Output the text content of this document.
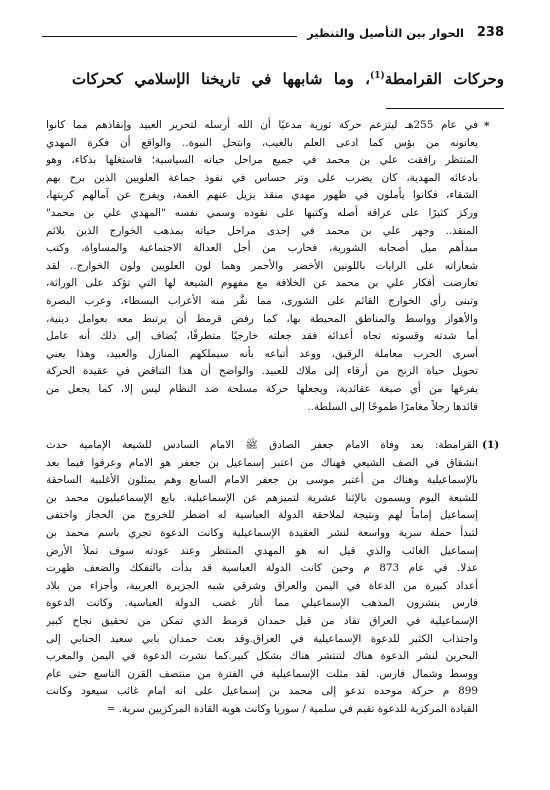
238
الحوار بين التأصيل والتنظير
وحركات القرامطة$^{(1)}$، وما شابهها في تاريخنا الإسلامي كحركات
*
في عام 255هـ ليتزعم حركة ثورية مدعيًا أن الله أرسله لتحرير العبيد وإنقاذهم مما كانوا
يعانونه من بؤس كما ادعى العلم بالغيب، وانتحل النبوة.. والواقع أن فكرة المهدي
المنتظر رافقت علي بن محمد في جميع مراحل حياته السياسية؛ فاستغلها بذكاء، وهو
بادعائه المهدية، كان يضرب على وتر حساس في نفوذ جماعة العلويين الذين برح بهم
الشقاء، فكانوا يأملون في ظهور مهدي منقذ يزيل عنهم الغمة، ويفرج عن آمالهم كربتها،
وركز كثيرًا على عراقة أصله وكتبها على نقوده وسمي نفسه "المهدي علي بن محمد"
المنقذ.. وجهر علي بن محمد في إحدى مراحل حياته بمذهب الخوارج الذين يلائم
مبدأهم ميل أصحابه الشورية، فحارب من أجل العدالة الاجتماعية والمساواة، وكتب
شعاراته على الرايات باللونين الأخضر والأحمر وهما لون العلويين ولون الخوارج.. لقد
تعارضت أفكار علي بن محمد عن الخلافة مع مفهوم الشيعة لها التي تؤكد على الوراثة،
وتبنى رأي الخوارج القائم على الشورى، مما نفَّر منه الأعراب البسطاء، وعرب البصرة
والأهواز وواسط والمناطق المحيطة بها، كما رفض قرمط أن يرتبط معه بعوامل دينية،
أما شدته وقسوته تجاه أعدائه فقد جعلته خارجيًا متطرفًا، يُضاف إلى ذلك أنه عامل
أسرى الحرب معاملة الرقيق، ووعد أتباعه بأنه سيملكهم المنازل والعبيد، وهذا يعني
تحويل حياة الزنج من أرقاء إلى ملاك للعبيد. والواضح أن هذا التناقض في عقيدة الحركة
يفرغها من أي صبغة عقائدية، ويجعلها حركة مسلحة ضد النظام ليس إلا، كما يجعل من
قائدها رجلاً مغامرًا طموحًا إلى السلطة..
(1)
القرامطة: بعد وفاة الامام جعفر الصادق ﷺ الامام السادس للشيعة الإمامية حدث
انشقاق في الصف الشيعي فهناك من اعتبر إسماعيل بن جعفر هو الامام وعرفوا فيما بعد
بالإسماعيلية وهناك من أعتبر موسى بن جعفر الامام السابع وهم يمثلون الأغلبية الساحقة
للشيعة اليوم ويسمون بالإثنا عشرية لتميزهم عن الإسماعيلية. بايع الإسماعيليون محمد بن
إسماعيل إماماً لهم ونتيجة لملاحقة الدولة العباسية له اضطر للخروج من الحجاز واختفى
لتبدأ حملة سرية وواسعة لنشر العقيدة الإسماعيلية وكانت الدعوة تجري باسم محمد بن
إسماعيل الغائب والذي قيل انه هو المهدي المنتظر وعند عودته سوف تملأ الأرض
عدلا. في عام 873 م وحين كانت الدولة العباسية قد بدأت بالتفكك والضعف ظهرت
أعداد كبيرة من الدعاة في اليمن والعراق وشرقي شبه الجزيرة العربية، وأجزاء من بلاد
فارس ينشرون المذهب الإسماعيلي مما أثار غضب الدولة العباسية. وكانت الدعوة
الإسماعيلية في العراق تقاد من قبل حمدان قرمط الذي تمكن من تحقيق نجاح كبير
واجتذاب الكثير للدعوة الإسماعيلية في العراق.وقد بعث حمدان بابي سعيد الجنابي إلى
البحرين لنشر الدعوة هناك لتنتشر هناك بشكل كبير.كما نشرت الدعوة في اليمن والمغرب
ووسط وشمال فارس. لقد مثلت الإسماعيلية في الفترة من منتصف القرن التاسع حتى عام
899 م حركة موحده تدعو إلى محمد بن إسماعيل على انه امام غائب سيعود وكانت
القيادة المركزية للدعوة تقيم في سلمية / سوريا وكانت هوية القادة المركزيين سرية. =
